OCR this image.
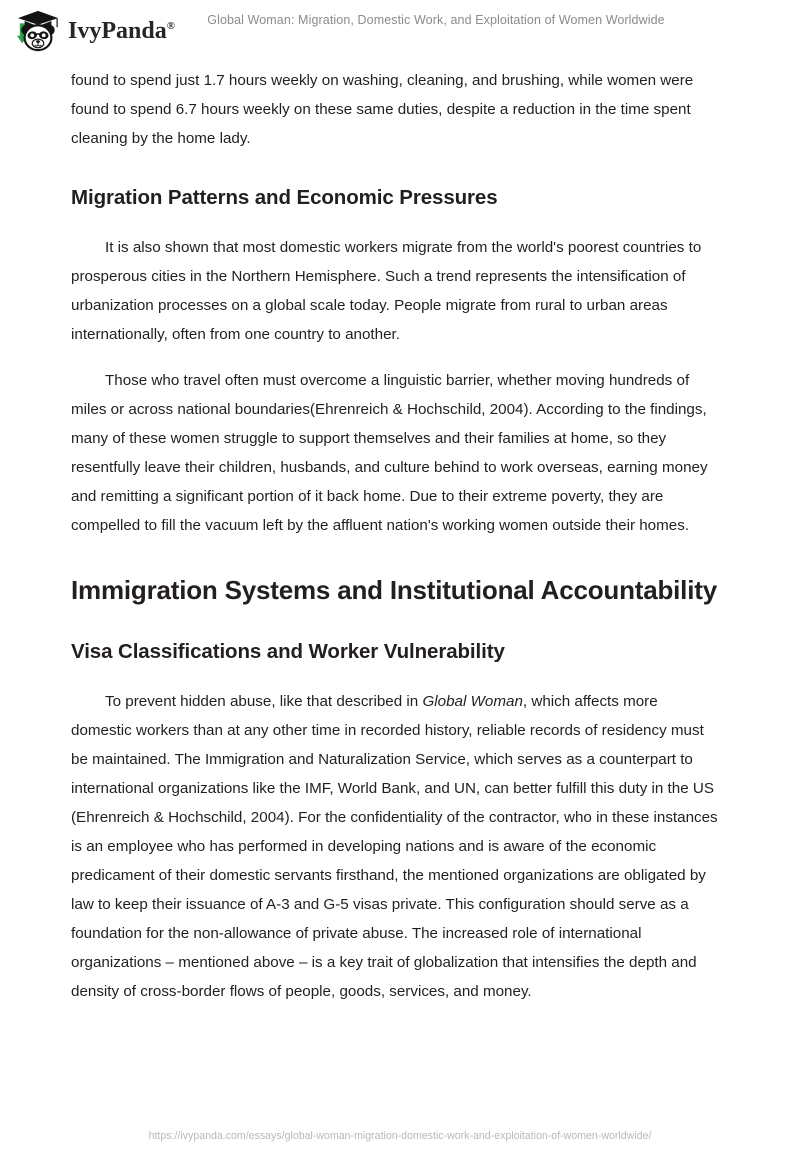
IvyPanda®	Global Woman: Migration, Domestic Work, and Exploitation of Women Worldwide

found to spend just 1.7 hours weekly on washing, cleaning, and brushing, while women were found to spend 6.7 hours weekly on these same duties, despite a reduction in the time spent cleaning by the home lady.

Migration Patterns and Economic Pressures

It is also shown that most domestic workers migrate from the world's poorest countries to prosperous cities in the Northern Hemisphere. Such a trend represents the intensification of urbanization processes on a global scale today. People migrate from rural to urban areas internationally, often from one country to another.

Those who travel often must overcome a linguistic barrier, whether moving hundreds of miles or across national boundaries(Ehrenreich & Hochschild, 2004). According to the findings, many of these women struggle to support themselves and their families at home, so they resentfully leave their children, husbands, and culture behind to work overseas, earning money and remitting a significant portion of it back home. Due to their extreme poverty, they are compelled to fill the vacuum left by the affluent nation's working women outside their homes.

Immigration Systems and Institutional Accountability
Visa Classifications and Worker Vulnerability

To prevent hidden abuse, like that described in Global Woman, which affects more domestic workers than at any other time in recorded history, reliable records of residency must be maintained. The Immigration and Naturalization Service, which serves as a counterpart to international organizations like the IMF, World Bank, and UN, can better fulfill this duty in the US (Ehrenreich & Hochschild, 2004). For the confidentiality of the contractor, who in these instances is an employee who has performed in developing nations and is aware of the economic predicament of their domestic servants firsthand, the mentioned organizations are obligated by law to keep their issuance of A-3 and G-5 visas private. This configuration should serve as a foundation for the non-allowance of private abuse. The increased role of international organizations – mentioned above – is a key trait of globalization that intensifies the depth and density of cross-border flows of people, goods, services, and money.

https://ivypanda.com/essays/global-woman-migration-domestic-work-and-exploitation-of-women-worldwide/
